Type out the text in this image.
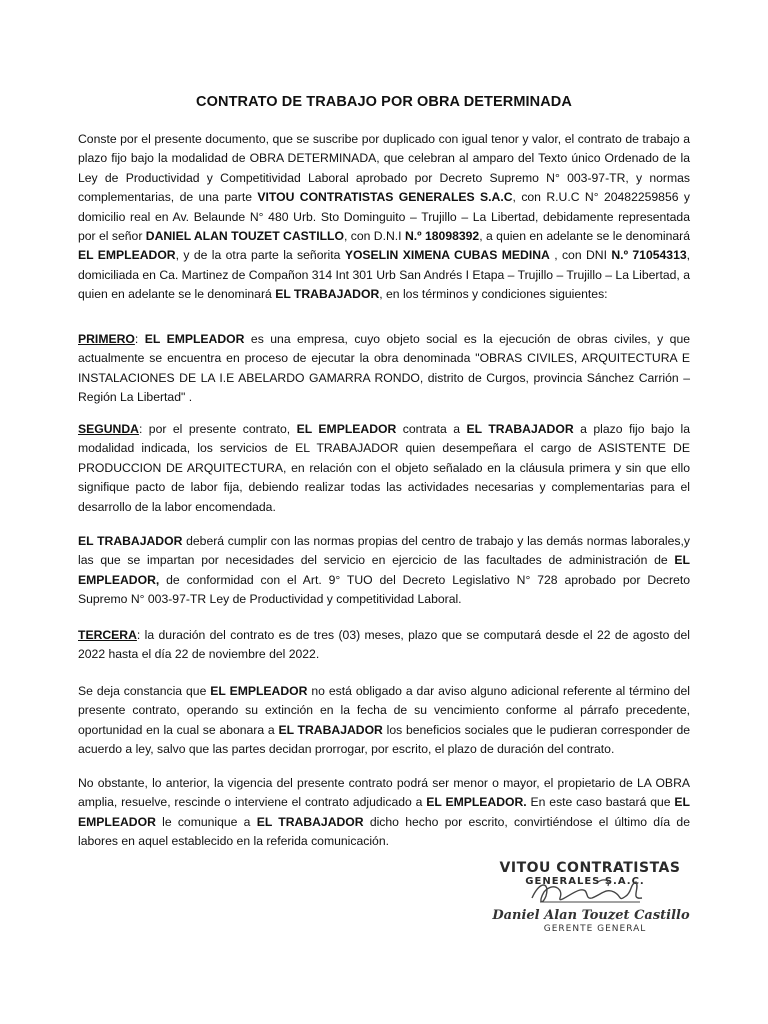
CONTRATO DE TRABAJO POR OBRA DETERMINADA
Conste por el presente documento, que se suscribe por duplicado con igual tenor y valor, el contrato de trabajo a plazo fijo bajo la modalidad de OBRA DETERMINADA, que celebran al amparo del Texto único Ordenado de la Ley de Productividad y Competitividad Laboral aprobado por Decreto Supremo N° 003-97-TR, y normas complementarias, de una parte VITOU CONTRATISTAS GENERALES S.A.C, con R.U.C N° 20482259856 y domicilio real en Av. Belaunde N° 480 Urb. Sto Dominguito – Trujillo – La Libertad, debidamente representada por el señor DANIEL ALAN TOUZET CASTILLO, con D.N.I N.º 18098392, a quien en adelante se le denominará EL EMPLEADOR, y de la otra parte la señorita YOSELIN XIMENA CUBAS MEDINA , con DNI N.º 71054313, domiciliada en Ca. Martinez de Compañon 314 Int 301 Urb San Andrés I Etapa – Trujillo – Trujillo – La Libertad, a quien en adelante se le denominará EL TRABAJADOR, en los términos y condiciones siguientes:
PRIMERO: EL EMPLEADOR es una empresa, cuyo objeto social es la ejecución de obras civiles, y que actualmente se encuentra en proceso de ejecutar la obra denominada "OBRAS CIVILES, ARQUITECTURA E INSTALACIONES DE LA I.E ABELARDO GAMARRA RONDO, distrito de Curgos, provincia Sánchez Carrión – Región La Libertad" .
SEGUNDA: por el presente contrato, EL EMPLEADOR contrata a EL TRABAJADOR a plazo fijo bajo la modalidad indicada, los servicios de EL TRABAJADOR quien desempeñara el cargo de ASISTENTE DE PRODUCCION DE ARQUITECTURA, en relación con el objeto señalado en la cláusula primera y sin que ello signifique pacto de labor fija, debiendo realizar todas las actividades necesarias y complementarias para el desarrollo de la labor encomendada.
EL TRABAJADOR deberá cumplir con las normas propias del centro de trabajo y las demás normas laborales,y las que se impartan por necesidades del servicio en ejercicio de las facultades de administración de EL EMPLEADOR, de conformidad con el Art. 9° TUO del Decreto Legislativo N° 728 aprobado por Decreto Supremo N° 003-97-TR Ley de Productividad y competitividad Laboral.
TERCERA: la duración del contrato es de tres (03) meses, plazo que se computará desde el 22 de agosto del 2022 hasta el día 22 de noviembre del 2022.
Se deja constancia que EL EMPLEADOR no está obligado a dar aviso alguno adicional referente al término del presente contrato, operando su extinción en la fecha de su vencimiento conforme al párrafo precedente, oportunidad en la cual se abonara a EL TRABAJADOR los beneficios sociales que le pudieran corresponder de acuerdo a ley, salvo que las partes decidan prorrogar, por escrito, el plazo de duración del contrato.
No obstante, lo anterior, la vigencia del presente contrato podrá ser menor o mayor, el propietario de LA OBRA amplia, resuelve, rescinde o interviene el contrato adjudicado a EL EMPLEADOR. En este caso bastará que EL EMPLEADOR le comunique a EL TRABAJADOR dicho hecho por escrito, convirtiéndose el último día de labores en aquel establecido en la referida comunicación.
VITOU CONTRATISTAS
GENERALES S.A.C.
Daniel Alan Touzet Castillo
GERENTE GENERAL
